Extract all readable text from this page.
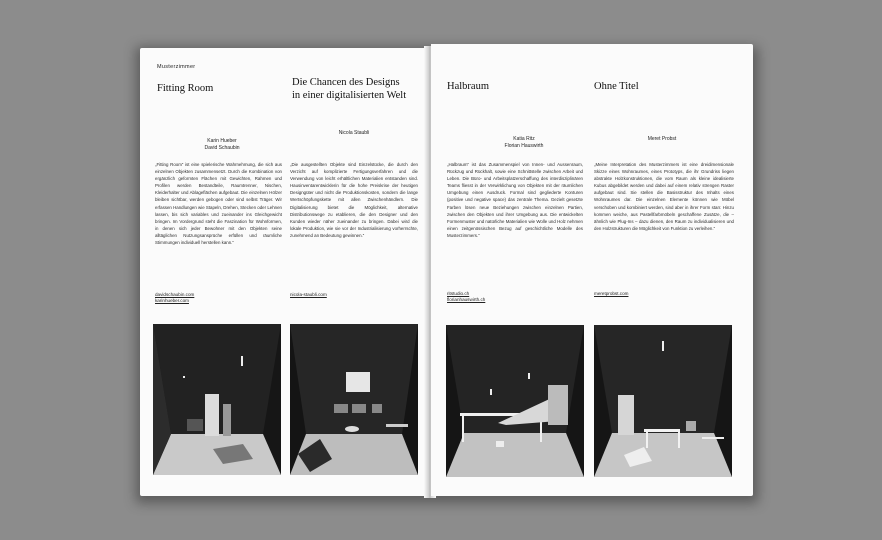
Musterzimmer
Fitting Room
Die Chancen des Designs
in einer digitalisierten Welt
Karin Hueber
David Schaubin
Nicola Staubli
„Fitting Room“ ist eine spielerische Wahrnehmung, die sich aus einzelnen Objekten zusammensetzt. Durch die Kombination von ergänzlich geformten Flächen mit Gewichten, Rahmen und Profilen werden Bestandteile, Raumtrenner, Nischen, Kleiderhalter und Ablageflächen aufgebaut. Die einzelnen Hölzer bleiben sichtbar, werden gebogen oder sind selbst Träger. Wir erfassen Handlungen wie Stapeln, Drehen, Stecken oder Lehnen lassen, bis sich variables und zueinander ins Gleichgewicht bringen. Im Vordergrund steht die Faszination für Wohnformen, in denen sich jeder Bewohner mit den Objekten seine alltäglichen Nutzungsansprüche erfüllen und räumliche Stimmungen individuell herstellen kann.“
„Die ausgestellten Objekte sind Einzelstücke, die durch den Verzicht auf komplizierte Fertigungsverfahren und die Verwendung von leicht erhältlichen Materialien entstanden sind. Hausinventarentwicklerin für die hohe Preiskrise der heutigen Designgüter und nicht die Produktionskosten, sondern die lange Wertschöpfungskette mit allen Zwischenhändlern. Die Digitalisierung bietet die Möglichkeit, alternative Distributionswege zu etablieren, die den Designer und den Kunden wieder näher zueinander zu bringen. Dabei wird die lokale Produktion, wie sie vor der Industrialisierung vorherrschte, zunehmend an Bedeutung gewinnen.“
davidschaubin.com
karinhueber.com
nicola-staubli.com
Halbraum	Ohne Titel
Katia Ritz
Florian Hauswirth
Meret Probst
„Halbraum“ ist das Zusammenspiel von Innen- und Aussenraum, Rückzug und Rückhalt, sowie eine Schnittstelle zwischen Arbeit und Leben. Die Büro- und Arbeitsplatzerschaffung des interdisziplinären Teams fliesst in der Verwirklichung von Objekten mit der räumlichen Umgebung einen Ausdruck. Formal sind gegliederte Konturen (positive und negative space) das zentrale Thema. Gezielt gesetzte Farben lösen neue Beziehungen zwischen einzelnen Partien, zwischen den Objekten und ihrer Umgebung aus. Die entwickelten Formenmuster und natürliche Materialien wie Wolle und Holz nehmen einen zeitgenössischen Bezug auf geschichtliche Modelle des Musterzimmers.“
„Meine Interpretation des Musterzimmers ist eine dreidimensionale Skizze eines Wohnraumes, eines Prototyps, die ihr Grundriss liegen abstrakte Holzkonstruktionen, die vom Raum als kleine idealisierte Kubus abgebildet werden und dabei auf einem relativ strengen Raster aufgebaut sind. Sie stellen die Basisstruktur des Inhalts eines Wohnraumes dar. Die einzelnen Elemente können wie Möbel verschoben und kombiniert werden, sind aber in ihrer Form starr. Hinzu kommen weiche, aus Pastellfarbmöbeln geschaffene Zusätze, die – ähnlich wie Plug-Ins – dazu dienen, den Raum zu individualisieren und den Holzstrukturen die Möglichkeit von Funktion zu verleihen.“
ritstudio.ch
florianhauswirth.ch
meretprobst.com
